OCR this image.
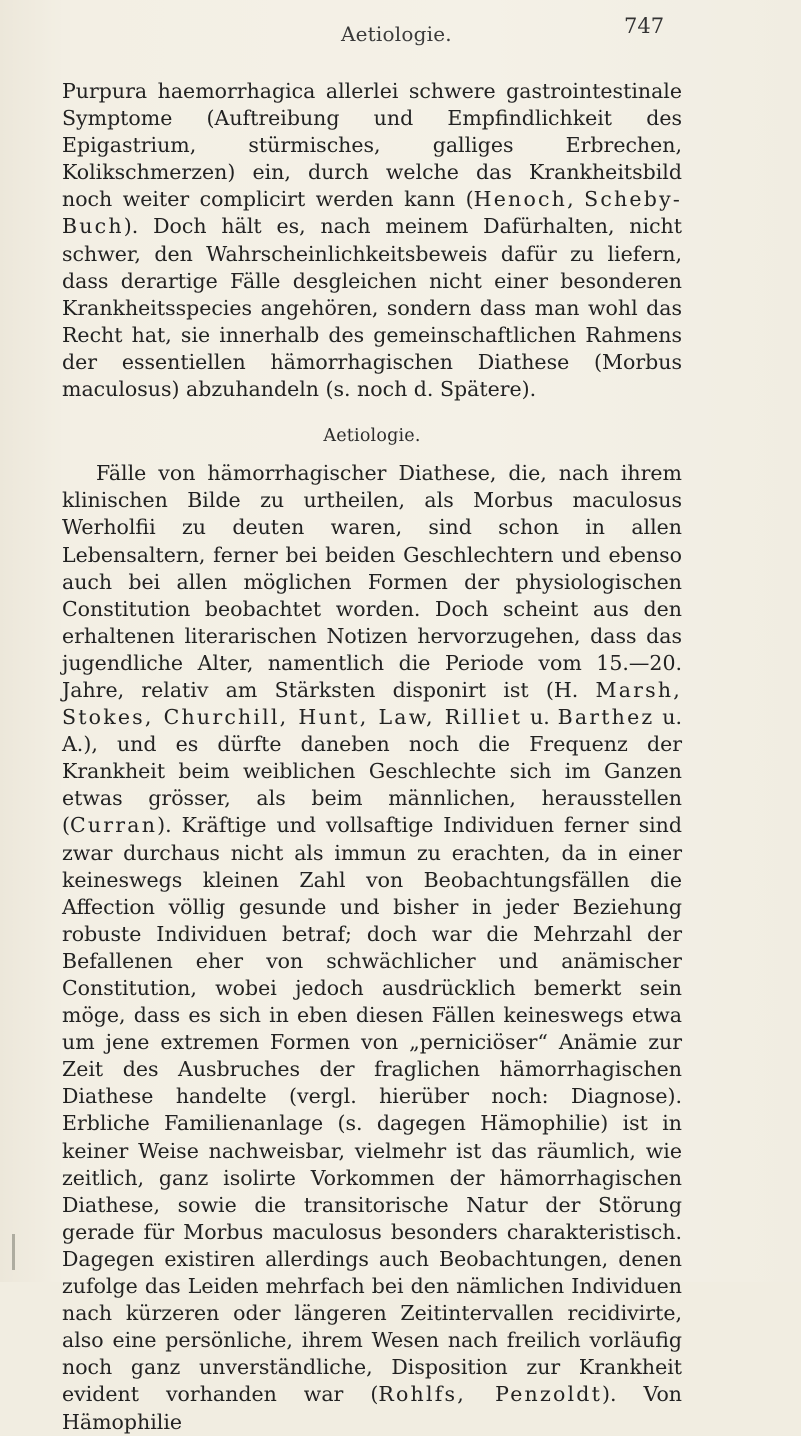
Aetiologie.	747

Purpura haemorrhagica allerlei schwere gastrointestinale Symptome (Auftreibung und Empfindlichkeit des Epigastrium, stürmisches, galliges Erbrechen, Kolikschmerzen) ein, durch welche das Krankheitsbild noch weiter complicirt werden kann (Henoch, Scheby-Buch). Doch hält es, nach meinem Dafürhalten, nicht schwer, den Wahrscheinlichkeitsbeweis dafür zu liefern, dass derartige Fälle desgleichen nicht einer besonderen Krankheitsspecies angehören, sondern dass man wohl das Recht hat, sie innerhalb des gemeinschaftlichen Rahmens der essentiellen hämorrhagischen Diathese (Morbus maculosus) abzuhandeln (s. noch d. Spätere).

Aetiologie.

Fälle von hämorrhagischer Diathese, die, nach ihrem klinischen Bilde zu urtheilen, als Morbus maculosus Werholfii zu deuten waren, sind schon in allen Lebensaltern, ferner bei beiden Geschlechtern und ebenso auch bei allen möglichen Formen der physiologischen Constitution beobachtet worden. Doch scheint aus den erhaltenen literarischen Notizen hervorzugehen, dass das jugendliche Alter, namentlich die Periode vom 15.—20. Jahre, relativ am Stärksten disponirt ist (H. Marsh, Stokes, Churchill, Hunt, Law, Rilliet u. Barthez u. A.), und es dürfte daneben noch die Frequenz der Krankheit beim weiblichen Geschlechte sich im Ganzen etwas grösser, als beim männlichen, herausstellen (Curran). Kräftige und vollsaftige Individuen ferner sind zwar durchaus nicht als immun zu erachten, da in einer keineswegs kleinen Zahl von Beobachtungsfällen die Affection völlig gesunde und bisher in jeder Beziehung robuste Individuen betraf; doch war die Mehrzahl der Befallenen eher von schwächlicher und anämischer Constitution, wobei jedoch ausdrücklich bemerkt sein möge, dass es sich in eben diesen Fällen keineswegs etwa um jene extremen Formen von „perniciöser“ Anämie zur Zeit des Ausbruches der fraglichen hämorrhagischen Diathese handelte (vergl. hierüber noch: Diagnose). Erbliche Familienanlage (s. dagegen Hämophilie) ist in keiner Weise nachweisbar, vielmehr ist das räumlich, wie zeitlich, ganz isolirte Vorkommen der hämorrhagischen Diathese, sowie die transitorische Natur der Störung gerade für Morbus maculosus besonders charakteristisch. Dagegen existiren allerdings auch Beobachtungen, denen zufolge das Leiden mehrfach bei den nämlichen Individuen nach kürzeren oder längeren Zeitintervallen recidivirte, also eine persönliche, ihrem Wesen nach freilich vorläufig noch ganz unverständliche, Disposition zur Krankheit evident vorhanden war (Rohlfs, Penzoldt). Von Hämophilie
